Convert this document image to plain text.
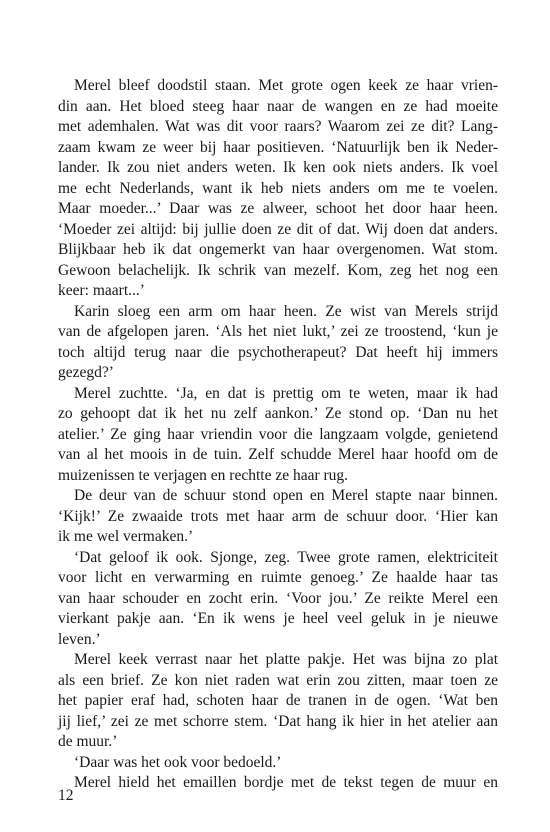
Merel bleef doodstil staan. Met grote ogen keek ze haar vrien-
din aan. Het bloed steeg haar naar de wangen en ze had moeite
met ademhalen. Wat was dit voor raars? Waarom zei ze dit? Lang-
zaam kwam ze weer bij haar positieven. ‘Natuurlijk ben ik Neder-
lander. Ik zou niet anders weten. Ik ken ook niets anders. Ik voel
me echt Nederlands, want ik heb niets anders om me te voelen.
Maar moeder...’ Daar was ze alweer, schoot het door haar heen.
‘Moeder zei altijd: bij jullie doen ze dit of dat. Wij doen dat anders.
Blijkbaar heb ik dat ongemerkt van haar overgenomen. Wat stom.
Gewoon belachelijk. Ik schrik van mezelf. Kom, zeg het nog een
keer: maart...’
Karin sloeg een arm om haar heen. Ze wist van Merels strijd
van de afgelopen jaren. ‘Als het niet lukt,’ zei ze troostend, ‘kun je
toch altijd terug naar die psychotherapeut? Dat heeft hij immers
gezegd?’
Merel zuchtte. ‘Ja, en dat is prettig om te weten, maar ik had
zo gehoopt dat ik het nu zelf aankon.’ Ze stond op. ‘Dan nu het
atelier.’ Ze ging haar vriendin voor die langzaam volgde, genietend
van al het moois in de tuin. Zelf schudde Merel haar hoofd om de
muizenissen te verjagen en rechtte ze haar rug.
De deur van de schuur stond open en Merel stapte naar binnen.
‘Kijk!’ Ze zwaaide trots met haar arm de schuur door. ‘Hier kan
ik me wel vermaken.’
‘Dat geloof ik ook. Sjonge, zeg. Twee grote ramen, elektriciteit
voor licht en verwarming en ruimte genoeg.’ Ze haalde haar tas
van haar schouder en zocht erin. ‘Voor jou.’ Ze reikte Merel een
vierkant pakje aan. ‘En ik wens je heel veel geluk in je nieuwe
leven.’
Merel keek verrast naar het platte pakje. Het was bijna zo plat
als een brief. Ze kon niet raden wat erin zou zitten, maar toen ze
het papier eraf had, schoten haar de tranen in de ogen. ‘Wat ben
jij lief,’ zei ze met schorre stem. ‘Dat hang ik hier in het atelier aan
de muur.’
‘Daar was het ook voor bedoeld.’
Merel hield het emaillen bordje met de tekst tegen de muur en
12
